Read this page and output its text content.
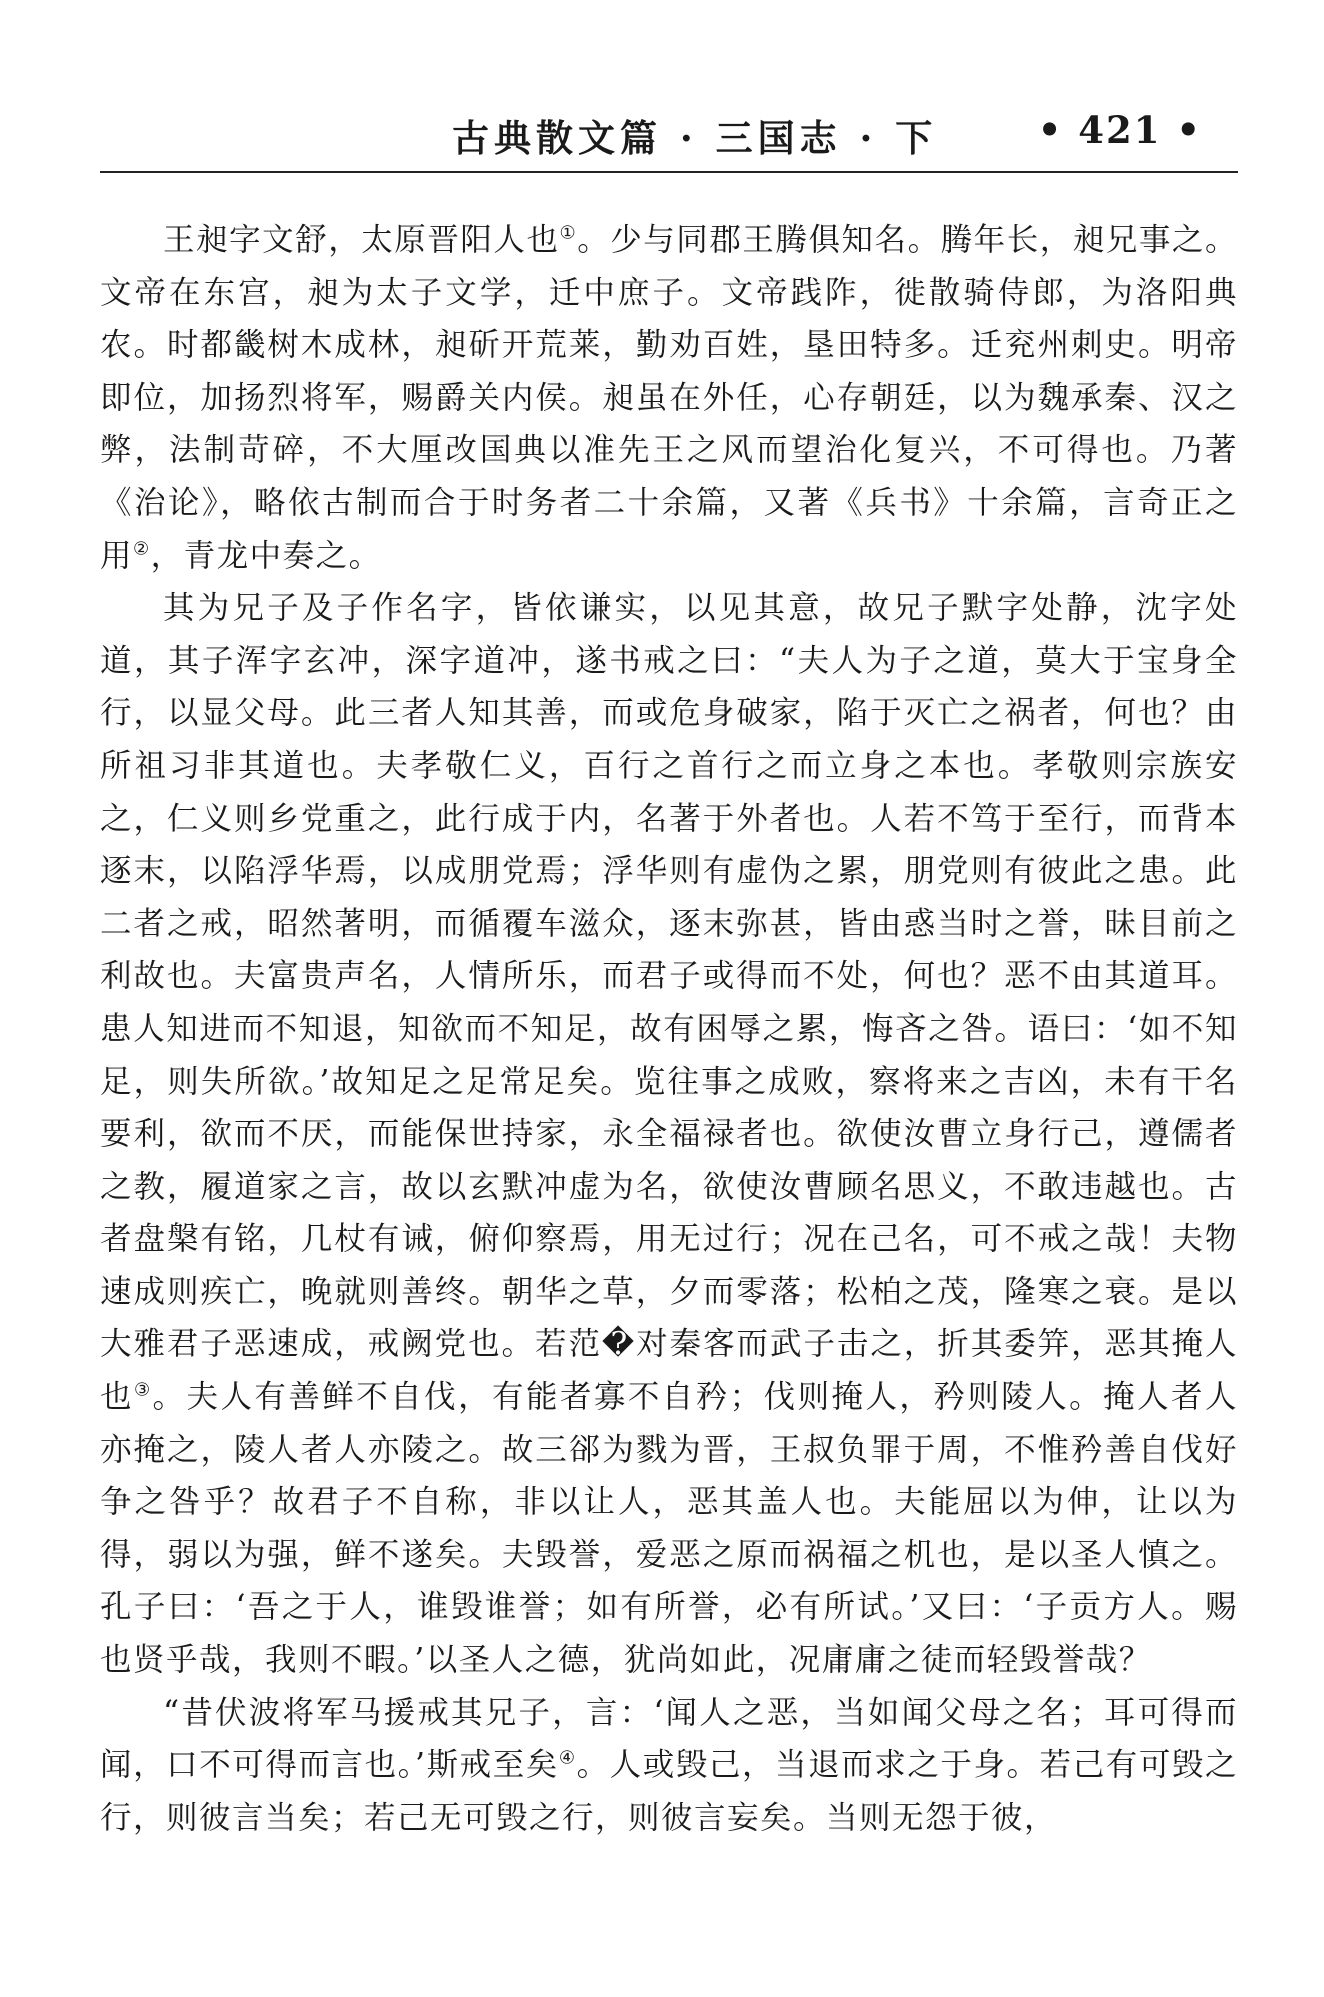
古典散文篇 · 三国志 · 下	• 421 •

王昶字文舒，太原晋阳人也①。少与同郡王腾俱知名。腾年长，昶兄事之。文帝在东宫，昶为太子文学，迁中庶子。文帝践阼，徙散骑侍郎，为洛阳典农。时都畿树木成林，昶斫开荒莱，勤劝百姓，垦田特多。迁兖州刺史。明帝即位，加扬烈将军，赐爵关内侯。昶虽在外任，心存朝廷，以为魏承秦、汉之弊，法制苛碎，不大厘改国典以准先王之风而望治化复兴，不可得也。乃著《治论》，略依古制而合于时务者二十余篇，又著《兵书》十余篇，言奇正之用②，青龙中奏之。

其为兄子及子作名字，皆依谦实，以见其意，故兄子默字处静，沈字处道，其子浑字玄冲，深字道冲，遂书戒之曰：“夫人为子之道，莫大于宝身全行，以显父母。此三者人知其善，而或危身破家，陷于灭亡之祸者，何也？由所祖习非其道也。夫孝敬仁义，百行之首行之而立身之本也。孝敬则宗族安之，仁义则乡党重之，此行成于内，名著于外者也。人若不笃于至行，而背本逐末，以陷浮华焉，以成朋党焉；浮华则有虚伪之累，朋党则有彼此之患。此二者之戒，昭然著明，而循覆车滋众，逐末弥甚，皆由惑当时之誉，昧目前之利故也。夫富贵声名，人情所乐，而君子或得而不处，何也？恶不由其道耳。患人知进而不知退，知欲而不知足，故有困辱之累，悔吝之咎。语曰：‘如不知足，则失所欲。’故知足之足常足矣。览往事之成败，察将来之吉凶，未有干名要利，欲而不厌，而能保世持家，永全福禄者也。欲使汝曹立身行己，遵儒者之教，履道家之言，故以玄默冲虚为名，欲使汝曹顾名思义，不敢违越也。古者盘槃有铭，几杖有诫，俯仰察焉，用无过行；况在己名，可不戒之哉！夫物速成则疾亡，晚就则善终。朝华之草，夕而零落；松柏之茂，隆寒之衰。是以大雅君子恶速成，戒阙党也。若范�对秦客而武子击之，折其委笄，恶其掩人也③。夫人有善鲜不自伐，有能者寡不自矜；伐则掩人，矜则陵人。掩人者人亦掩之，陵人者人亦陵之。故三郤为戮为晋，王叔负罪于周，不惟矜善自伐好争之咎乎？故君子不自称，非以让人，恶其盖人也。夫能屈以为伸，让以为得，弱以为强，鲜不遂矣。夫毁誉，爱恶之原而祸福之机也，是以圣人慎之。孔子曰：‘吾之于人，谁毁谁誉；如有所誉，必有所试。’又曰：‘子贡方人。赐也贤乎哉，我则不暇。’以圣人之德，犹尚如此，况庸庸之徒而轻毁誉哉？

“昔伏波将军马援戒其兄子，言：‘闻人之恶，当如闻父母之名；耳可得而闻，口不可得而言也。’斯戒至矣④。人或毁己，当退而求之于身。若己有可毁之行，则彼言当矣；若己无可毁之行，则彼言妄矣。当则无怨于彼，
